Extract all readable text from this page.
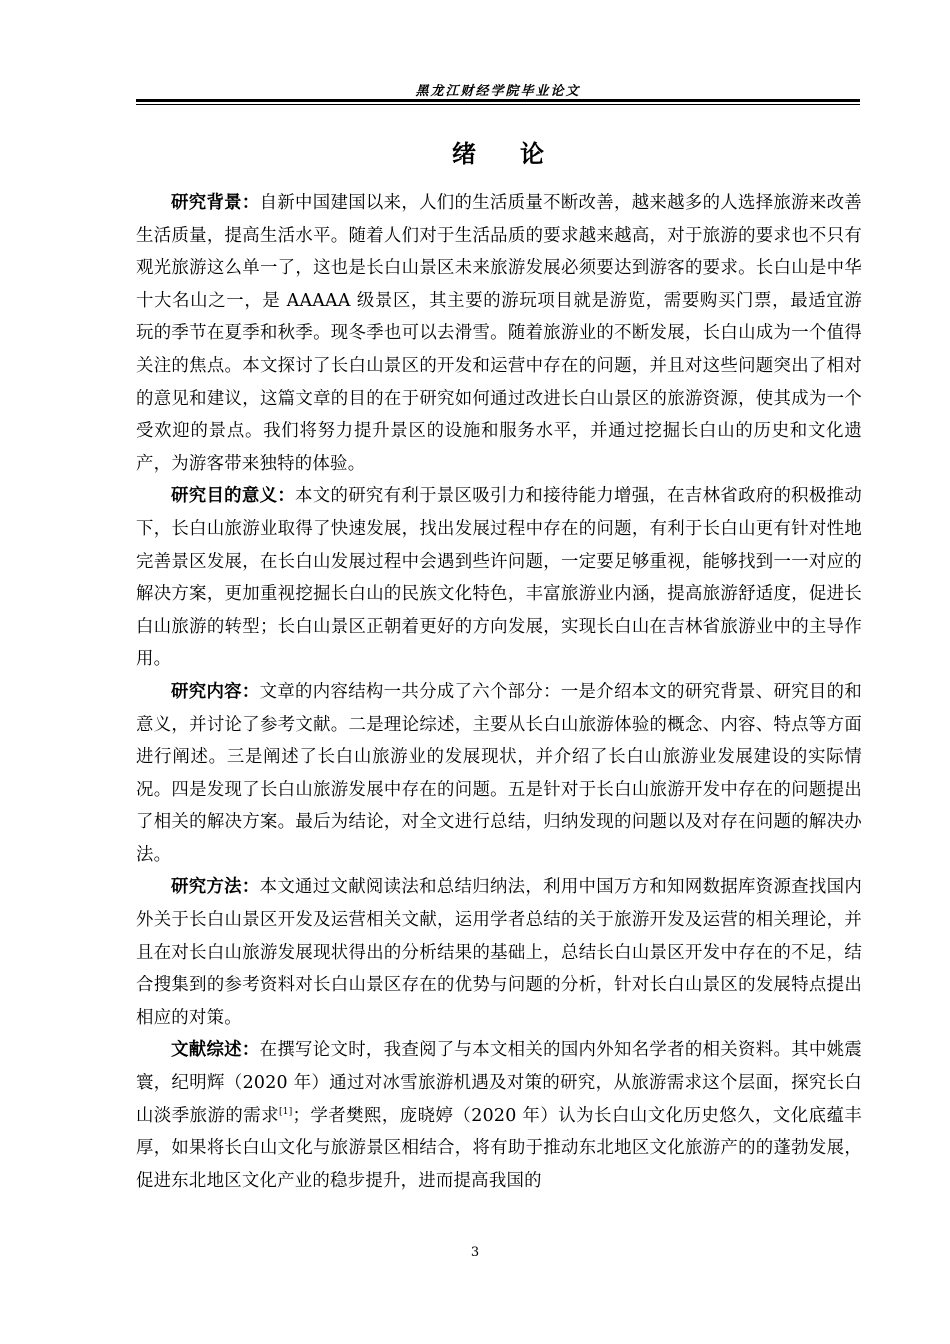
黑龙江财经学院毕业论文
绪论

研究背景：自新中国建国以来，人们的生活质量不断改善，越来越多的人选择旅游来改善生活质量，提高生活水平。随着人们对于生活品质的要求越来越高，对于旅游的要求也不只有观光旅游这么单一了，这也是长白山景区未来旅游发展必须要达到游客的要求。长白山是中华十大名山之一，是 AAAAA 级景区，其主要的游玩项目就是游览，需要购买门票，最适宜游玩的季节在夏季和秋季。现冬季也可以去滑雪。随着旅游业的不断发展，长白山成为一个值得关注的焦点。本文探讨了长白山景区的开发和运营中存在的问题，并且对这些问题突出了相对的意见和建议，这篇文章的目的在于研究如何通过改进长白山景区的旅游资源，使其成为一个受欢迎的景点。我们将努力提升景区的设施和服务水平，并通过挖掘长白山的历史和文化遗产，为游客带来独特的体验。

研究目的意义：本文的研究有利于景区吸引力和接待能力增强，在吉林省政府的积极推动下，长白山旅游业取得了快速发展，找出发展过程中存在的问题，有利于长白山更有针对性地完善景区发展，在长白山发展过程中会遇到些许问题，一定要足够重视，能够找到一一对应的解决方案，更加重视挖掘长白山的民族文化特色，丰富旅游业内涵，提高旅游舒适度，促进长白山旅游的转型；长白山景区正朝着更好的方向发展，实现长白山在吉林省旅游业中的主导作用。

研究内容：文章的内容结构一共分成了六个部分：一是介绍本文的研究背景、研究目的和意义，并讨论了参考文献。二是理论综述，主要从长白山旅游体验的概念、内容、特点等方面进行阐述。三是阐述了长白山旅游业的发展现状，并介绍了长白山旅游业发展建设的实际情况。四是发现了长白山旅游发展中存在的问题。五是针对于长白山旅游开发中存在的问题提出了相关的解决方案。最后为结论，对全文进行总结，归纳发现的问题以及对存在问题的解决办法。

研究方法：本文通过文献阅读法和总结归纳法，利用中国万方和知网数据库资源查找国内外关于长白山景区开发及运营相关文献，运用学者总结的关于旅游开发及运营的相关理论，并且在对长白山旅游发展现状得出的分析结果的基础上，总结长白山景区开发中存在的不足，结合搜集到的参考资料对长白山景区存在的优势与问题的分析，针对长白山景区的发展特点提出相应的对策。

文献综述：在撰写论文时，我查阅了与本文相关的国内外知名学者的相关资料。其中姚震寰，纪明辉（2020 年）通过对冰雪旅游机遇及对策的研究，从旅游需求这个层面，探究长白山淡季旅游的需求[1]；学者樊熙，庞晓婷（2020 年）认为长白山文化历史悠久，文化底蕴丰厚，如果将长白山文化与旅游景区相结合，将有助于推动东北地区文化旅游产的的蓬勃发展，促进东北地区文化产业的稳步提升，进而提高我国的

3
